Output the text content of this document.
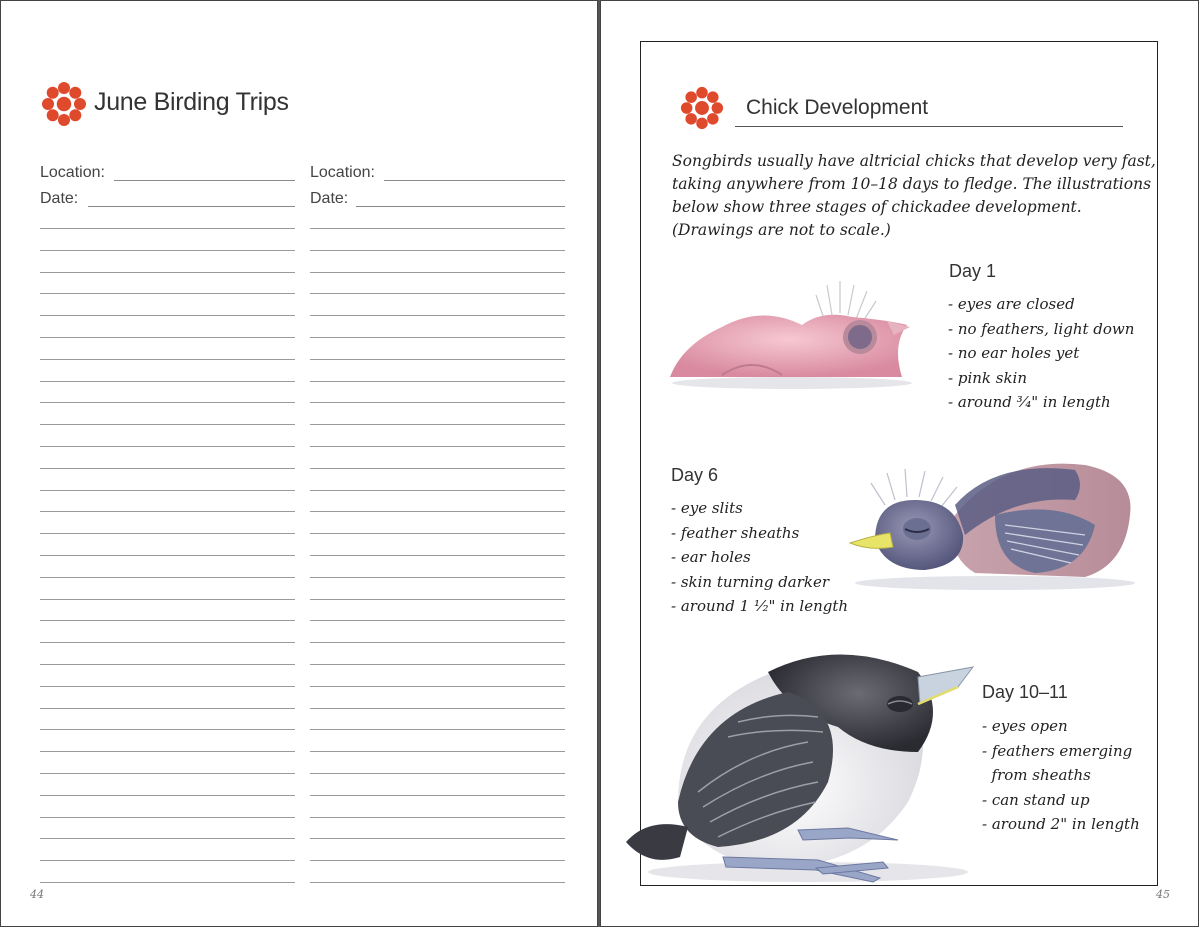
June Birding Trips
Location:
Date:
Location:
Date:
44
Chick Development
Songbirds usually have altricial chicks that develop very fast,
taking anywhere from 10–18 days to fledge. The illustrations
below show three stages of chickadee development.
(Drawings are not to scale.)
Day 1
- eyes are closed
- no feathers, light down
- no ear holes yet
- pink skin
- around ³⁄₄" in length
Day 6
- eye slits
- feather sheaths
- ear holes
- skin turning darker
- around 1 ¹⁄₂" in length
Day 10–11
- eyes open
- feathers emerging
from sheaths
- can stand up
- around 2" in length
45
